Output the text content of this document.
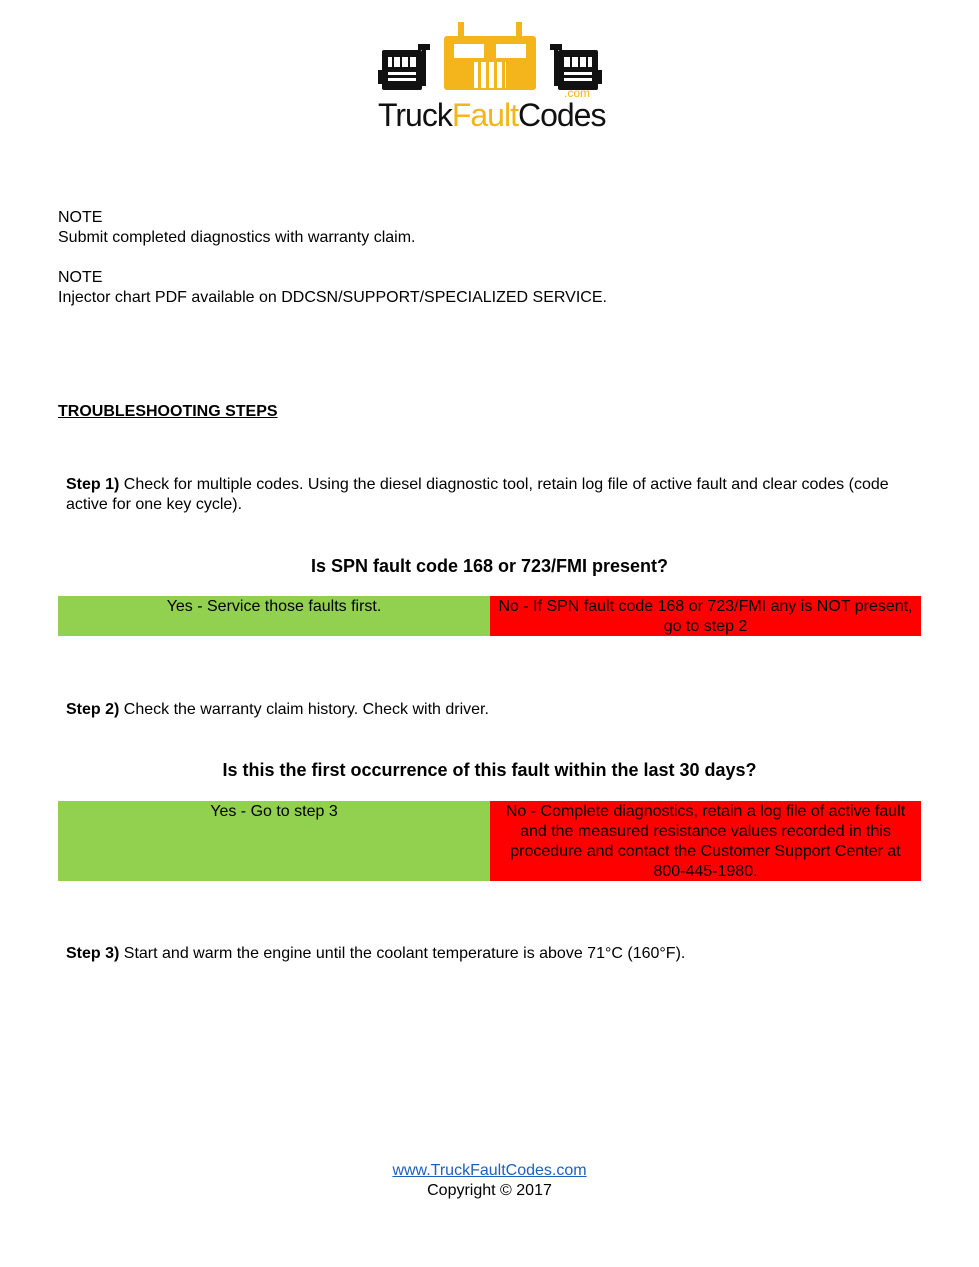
TruckFaultCodes
.com
NOTE
Submit completed diagnostics with warranty claim.
NOTE
Injector chart PDF available on DDCSN/SUPPORT/SPECIALIZED SERVICE.
TROUBLESHOOTING STEPS
Step 1) Check for multiple codes. Using the diesel diagnostic tool, retain log file of active fault and clear codes (code active for one key cycle).
Is SPN fault code 168 or 723/FMI present?
Yes - Service those faults first.	No - If SPN fault code 168 or 723/FMI any is NOT present, go to step 2
Step 2) Check the warranty claim history. Check with driver.
Is this the first occurrence of this fault within the last 30 days?
Yes - Go to step 3	No - Complete diagnostics, retain a log file of active fault and the measured resistance values recorded in this procedure and contact the Customer Support Center at 800-445-1980.
Step 3) Start and warm the engine until the coolant temperature is above 71°C (160°F).
www.TruckFaultCodes.com
Copyright © 2017
